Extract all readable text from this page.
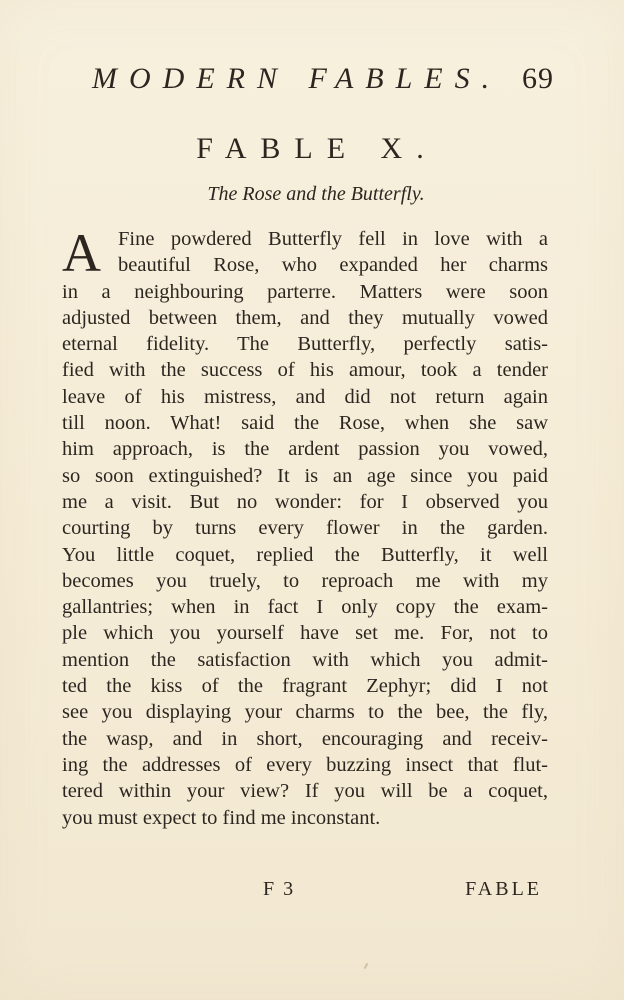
MODERN FABLES. 69
FABLE X.
The Rose and the Butterfly.
A Fine powdered Butterfly fell in love with a
beautiful Rose, who expanded her charms
in a neighbouring parterre. Matters were soon
adjusted between them, and they mutually vowed
eternal fidelity. The Butterfly, perfectly satis-
fied with the success of his amour, took a tender
leave of his mistress, and did not return again
till noon. What! said the Rose, when she saw
him approach, is the ardent passion you vowed,
so soon extinguished? It is an age since you paid
me a visit. But no wonder: for I observed you
courting by turns every flower in the garden.
You little coquet, replied the Butterfly, it well
becomes you truely, to reproach me with my
gallantries; when in fact I only copy the exam-
ple which you yourself have set me. For, not to
mention the satisfaction with which you admit-
ted the kiss of the fragrant Zephyr; did I not
see you displaying your charms to the bee, the fly,
the wasp, and in short, encouraging and receiv-
ing the addresses of every buzzing insect that flut-
tered within your view? If you will be a coquet,
you must expect to find me inconstant.
F 3	FABLE
